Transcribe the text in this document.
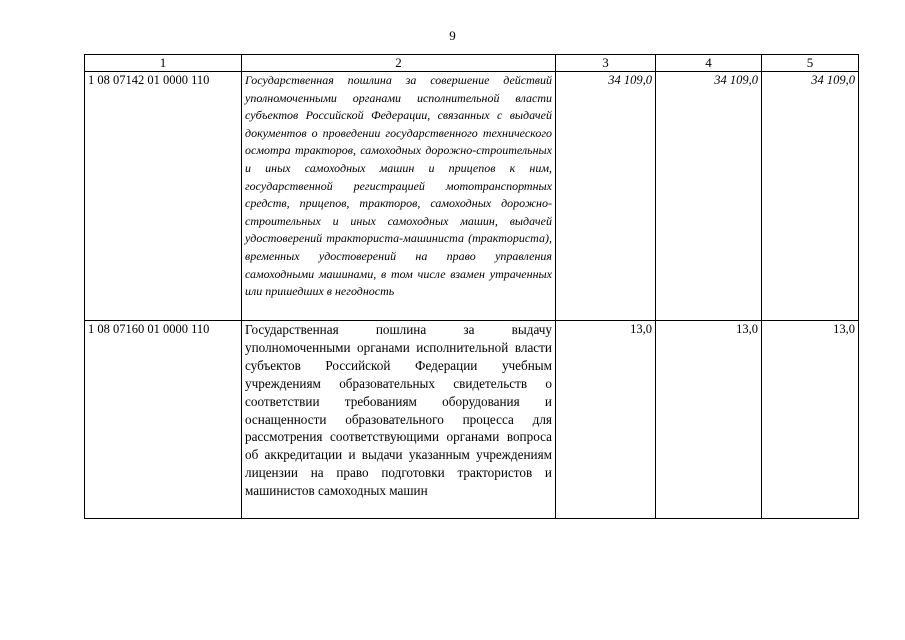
9
1	2	3	4	5
1 08 07142 01 0000 110	Государственная пошлина за совершение действий уполномоченными органами исполнительной власти субъектов Российской Федерации, связанных с выдачей документов о проведении государственного технического осмотра тракторов, самоходных дорожно-строительных и иных самоходных машин и прицепов к ним, государственной регистрацией мототранспортных средств, прицепов, тракторов, самоходных дорожно-строительных и иных самоходных машин, выдачей удостоверений тракториста-машиниста (тракториста), временных удостоверений на право управления самоходными машинами, в том числе взамен утраченных или пришедших в негодность	34 109,0	34 109,0	34 109,0
1 08 07160 01 0000 110	Государственная пошлина за выдачу уполномоченными органами исполнительной власти субъектов Российской Федерации учебным учреждениям образовательных свидетельств о соответствии требованиям оборудования и оснащенности образовательного процесса для рассмотрения соответствующими органами вопроса об аккредитации и выдачи указанным учреждениям лицензии на право подготовки трактористов и машинистов самоходных машин	13,0	13,0	13,0
